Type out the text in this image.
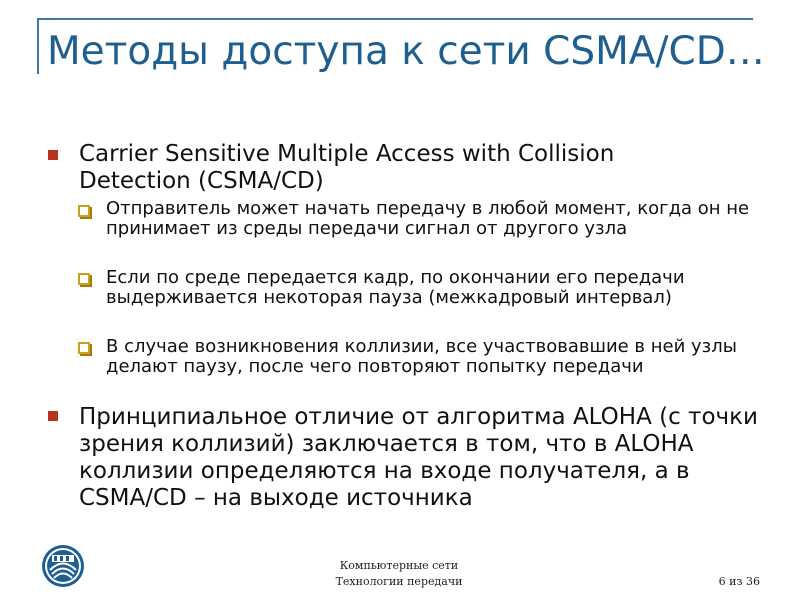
Методы доступа к сети CSMA/CD…
Carrier Sensitive Multiple Access with Collision Detection (CSMA/CD)
Отправитель может начать передачу в любой момент, когда он не принимает из среды передачи сигнал от другого узла
Если по среде передается кадр, по окончании его передачи выдерживается некоторая пауза (межкадровый интервал)
В случае возникновения коллизии, все участвовавшие в ней узлы делают паузу, после чего повторяют попытку передачи
Принципиальное отличие от алгоритма ALOHA (с точки зрения коллизий) заключается в том, что в ALOHA коллизии определяются на входе получателя, а в CSMA/CD – на выходе источника
Компьютерные сети
Технологии передачи	6 из 36
